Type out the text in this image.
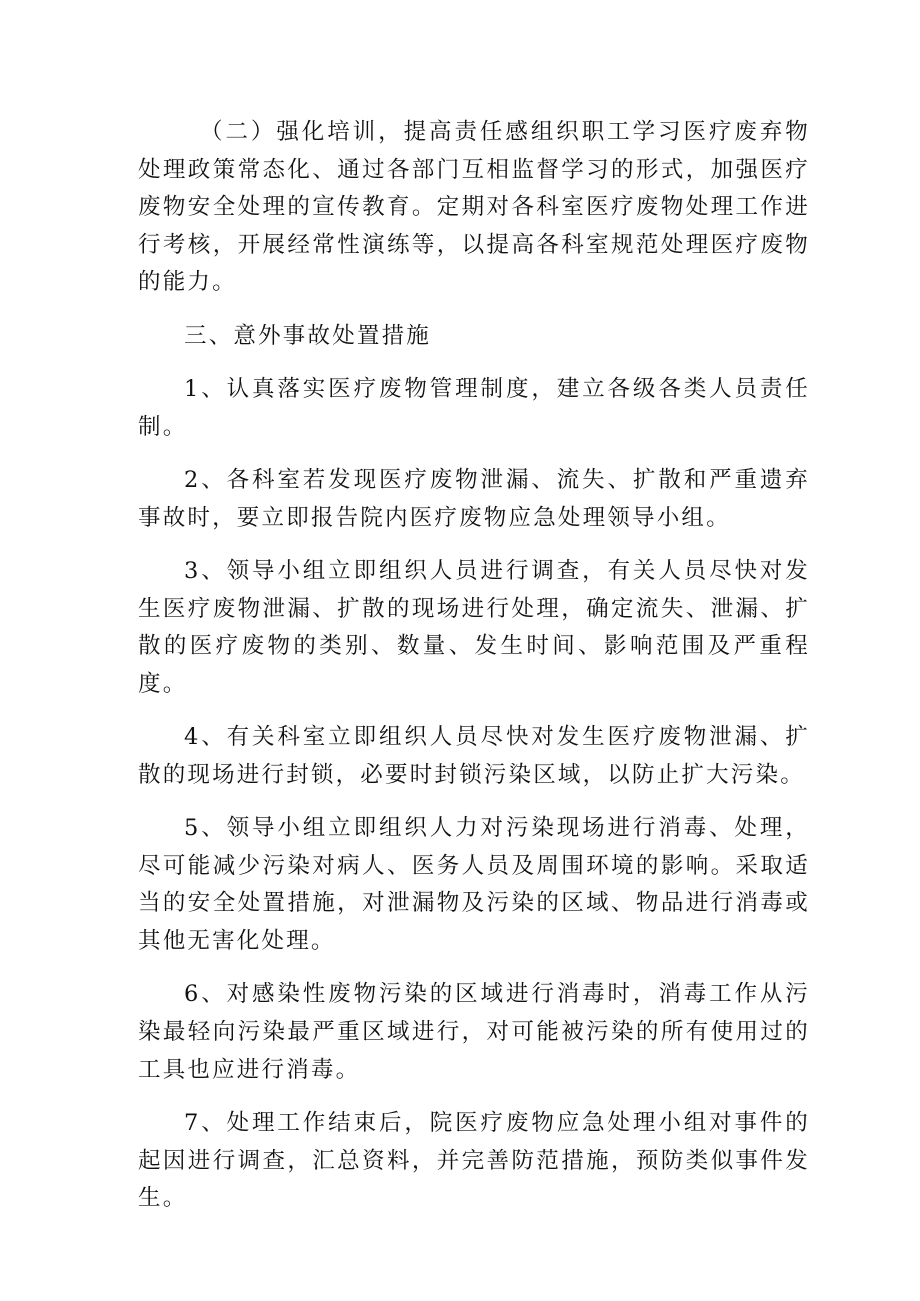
（二）强化培训，提高责任感组织职工学习医疗废弃物处理政策常态化、通过各部门互相监督学习的形式，加强医疗废物安全处理的宣传教育。定期对各科室医疗废物处理工作进行考核，开展经常性演练等，以提高各科室规范处理医疗废物的能力。

三、意外事故处置措施

1、认真落实医疗废物管理制度，建立各级各类人员责任制。

2、各科室若发现医疗废物泄漏、流失、扩散和严重遗弃事故时，要立即报告院内医疗废物应急处理领导小组。

3、领导小组立即组织人员进行调查，有关人员尽快对发生医疗废物泄漏、扩散的现场进行处理，确定流失、泄漏、扩散的医疗废物的类别、数量、发生时间、影响范围及严重程度。

4、有关科室立即组织人员尽快对发生医疗废物泄漏、扩散的现场进行封锁，必要时封锁污染区域，以防止扩大污染。

5、领导小组立即组织人力对污染现场进行消毒、处理，尽可能减少污染对病人、医务人员及周围环境的影响。采取适当的安全处置措施，对泄漏物及污染的区域、物品进行消毒或其他无害化处理。

6、对感染性废物污染的区域进行消毒时，消毒工作从污染最轻向污染最严重区域进行，对可能被污染的所有使用过的工具也应进行消毒。

7、处理工作结束后，院医疗废物应急处理小组对事件的起因进行调查，汇总资料，并完善防范措施，预防类似事件发生。
